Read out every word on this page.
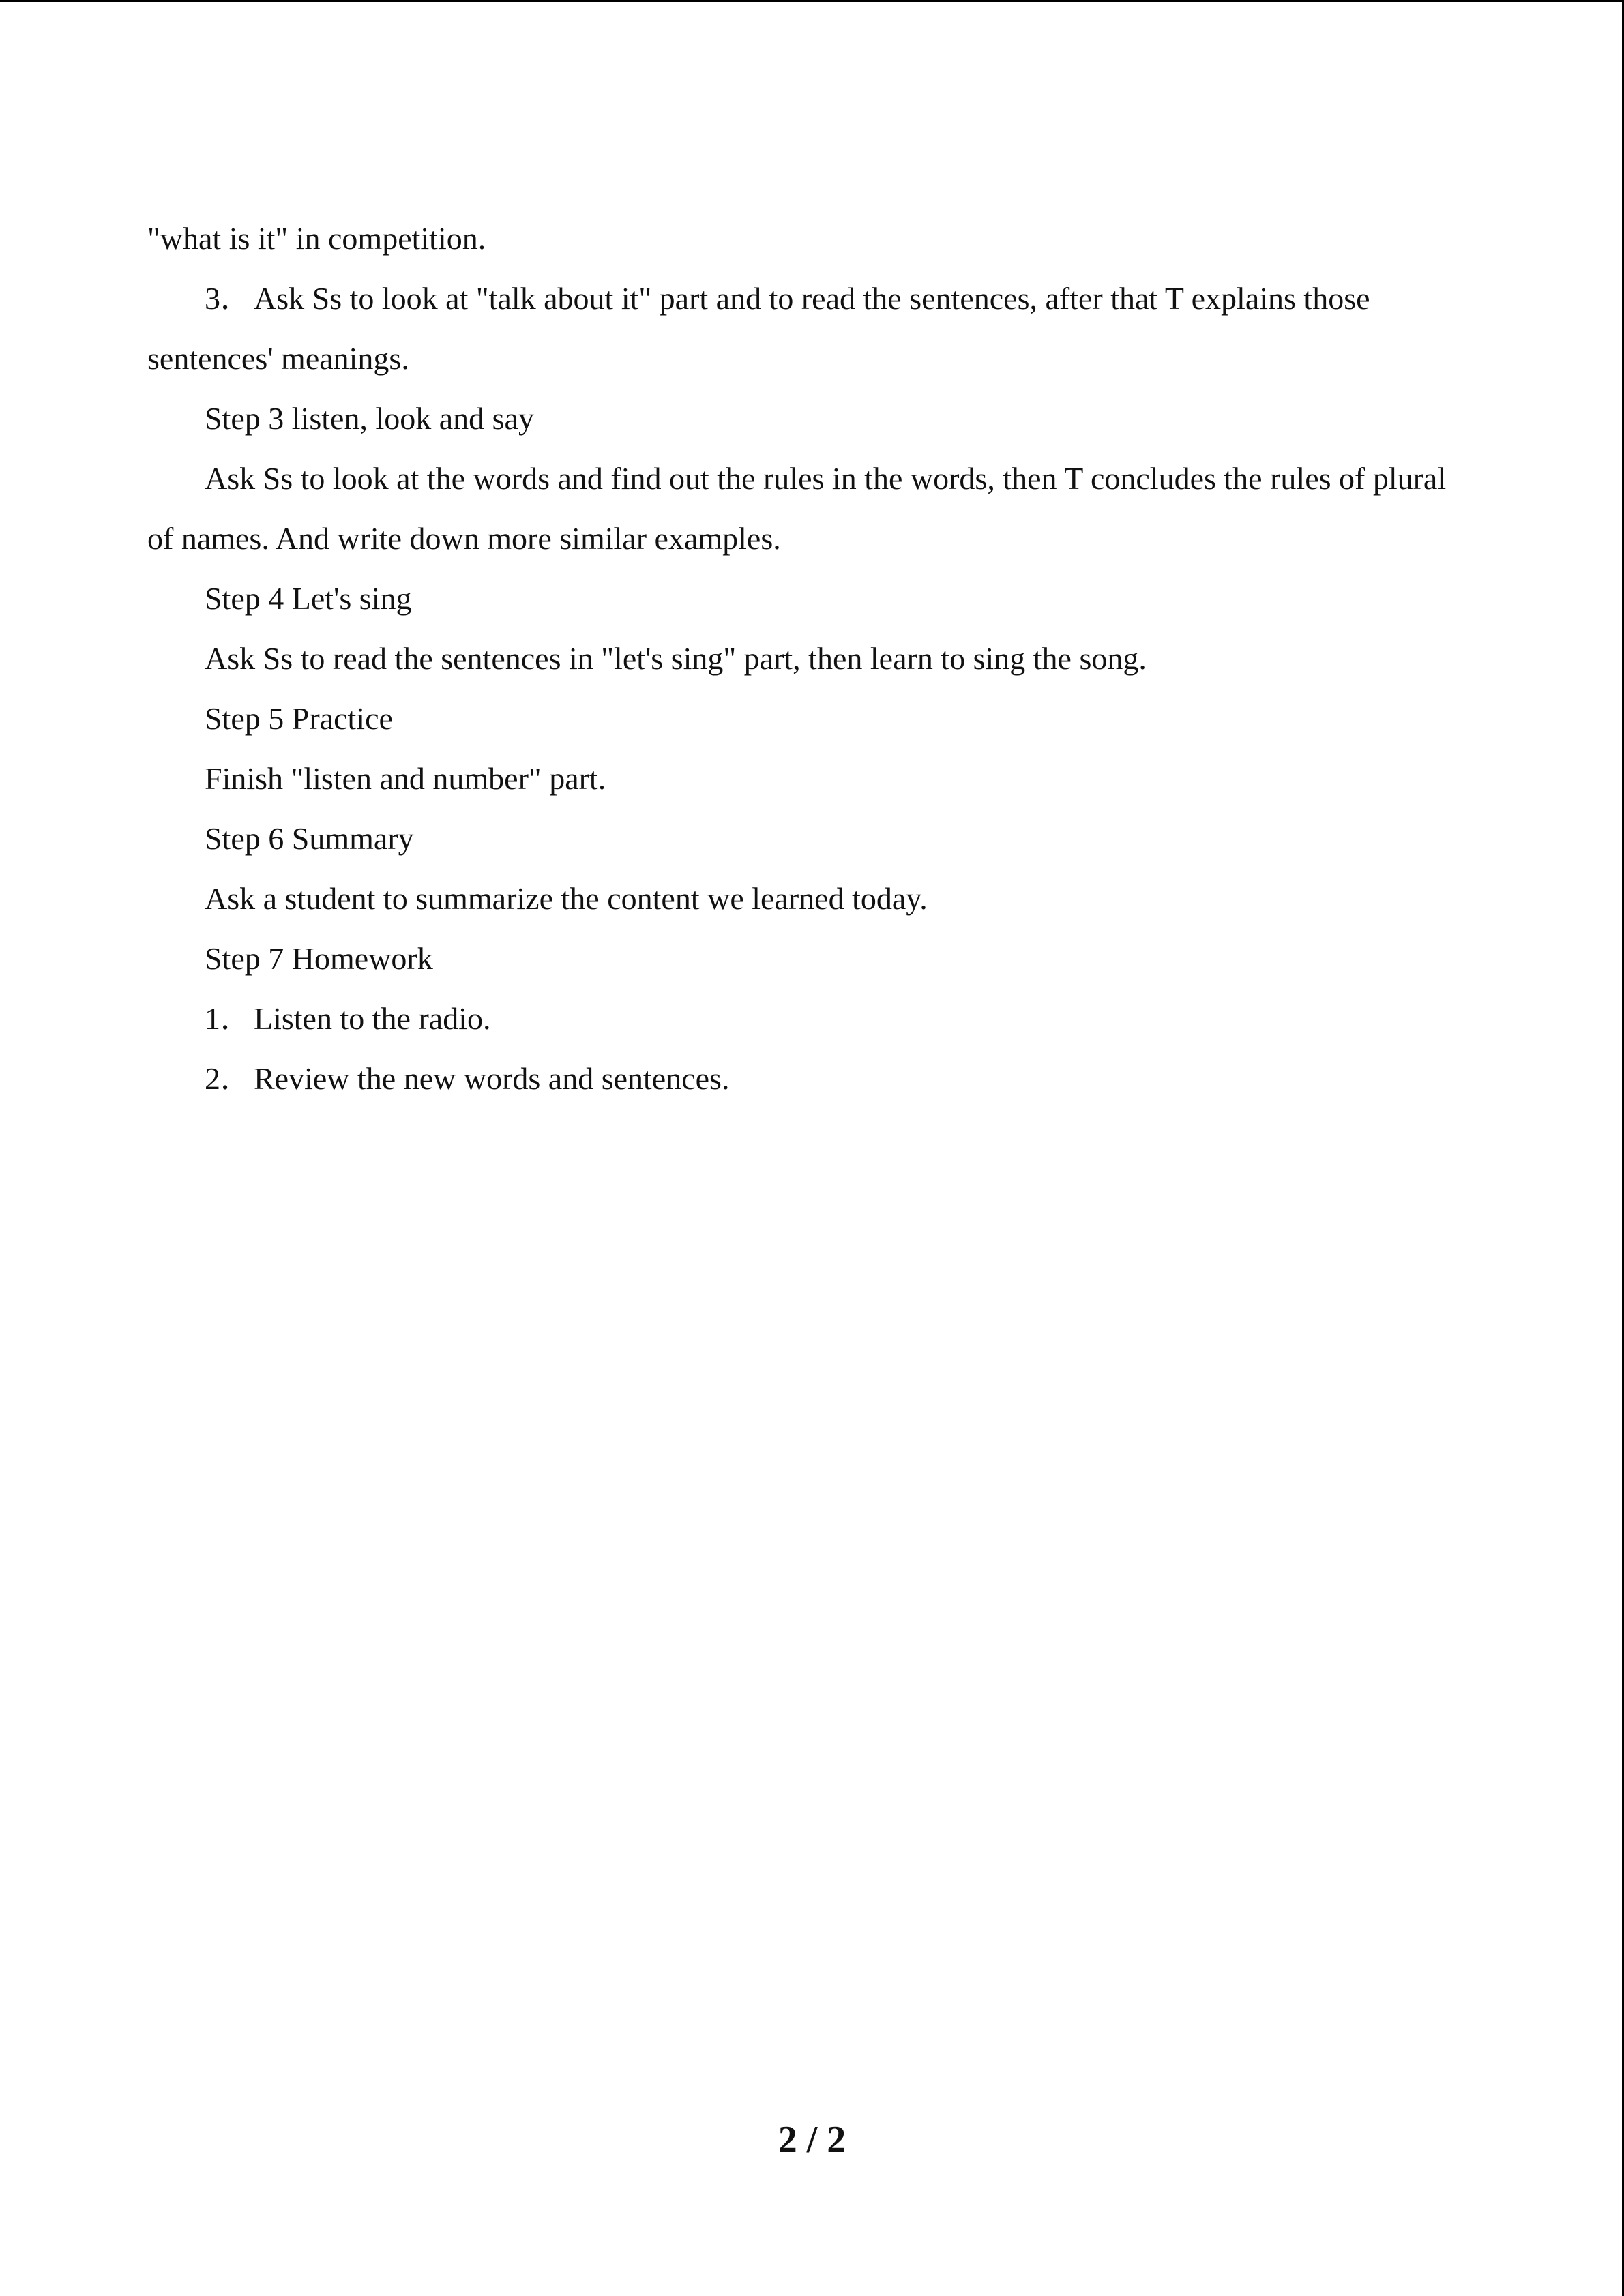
"what is it" in competition.
3．Ask Ss to look at "talk about it" part and to read the sentences, after that T explains those
sentences' meanings.
Step 3 listen, look and say
Ask Ss to look at the words and find out the rules in the words, then T concludes the rules of plural
of names. And write down more similar examples.
Step 4 Let's sing
Ask Ss to read the sentences in "let's sing" part, then learn to sing the song.
Step 5 Practice
Finish "listen and number" part.
Step 6 Summary
Ask a student to summarize the content we learned today.
Step 7 Homework
1．Listen to the radio.
2．Review the new words and sentences.
2 / 2
